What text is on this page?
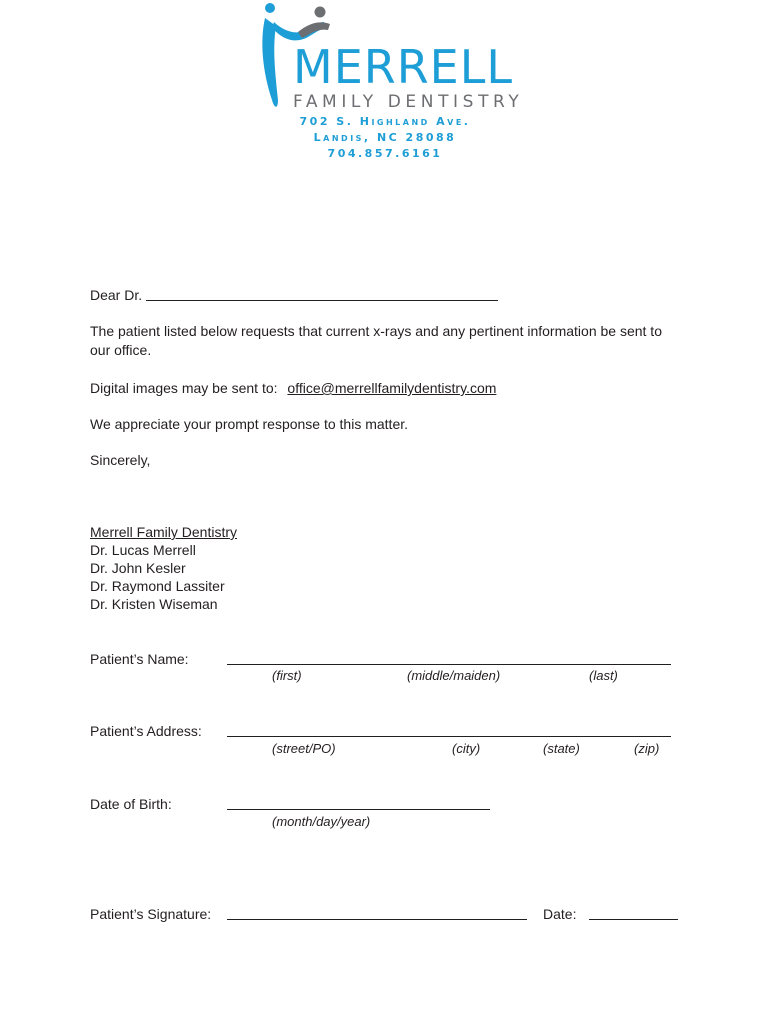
MERRELL
FAMILY DENTISTRY
702 S. Highland Ave.
Landis, NC 28088
704.857.6161
Dear Dr.
The patient listed below requests that current x-rays and any pertinent information be sent to
our office.
Digital images may be sent to: office@merrellfamilydentistry.com
We appreciate your prompt response to this matter.
Sincerely,
Merrell Family Dentistry
Dr. Lucas Merrell
Dr. John Kesler
Dr. Raymond Lassiter
Dr. Kristen Wiseman
Patient’s Name:
(first)	(middle/maiden)	(last)
Patient’s Address:
(street/PO)	(city)	(state)	(zip)
Date of Birth:
(month/day/year)
Patient’s Signature:	Date:
